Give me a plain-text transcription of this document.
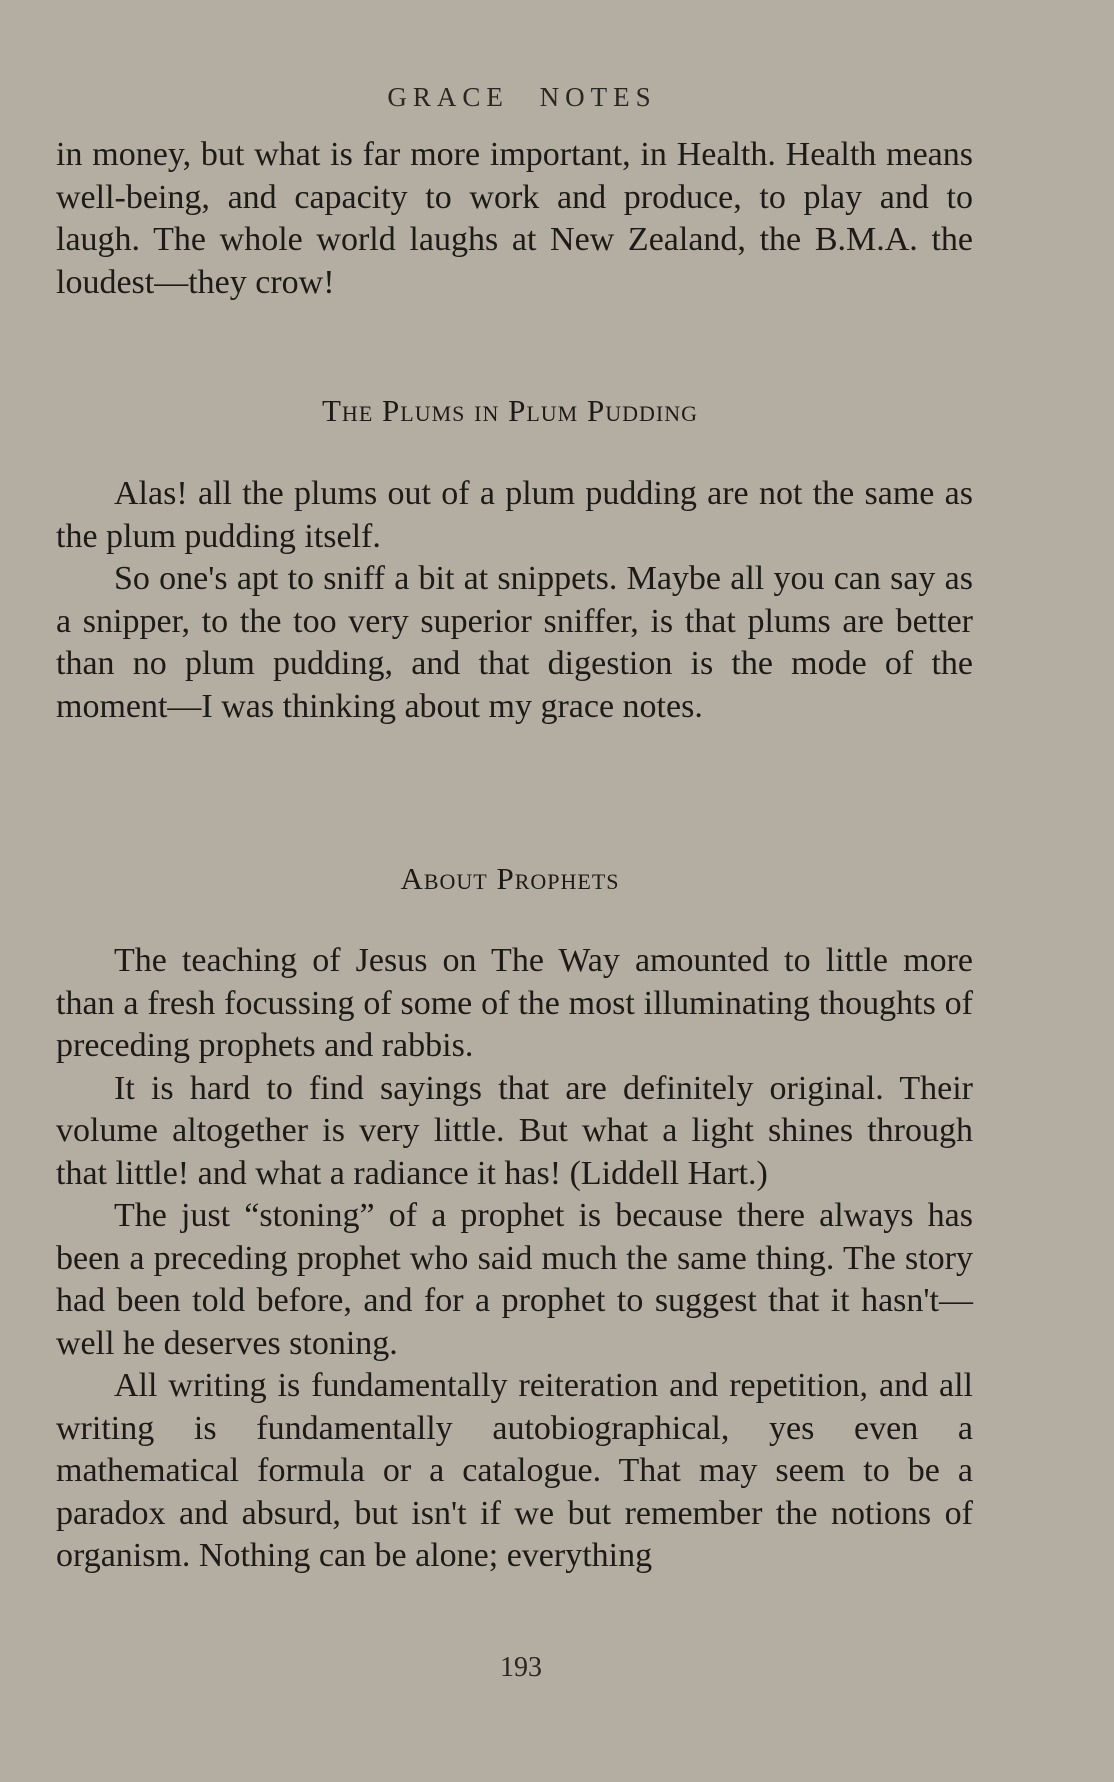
GRACE NOTES

in money, but what is far more important, in Health. Health means well-being, and capacity to work and produce, to play and to laugh. The whole world laughs at New Zealand, the B.M.A. the loudest—they crow!

The Plums in Plum Pudding

Alas! all the plums out of a plum pudding are not the same as the plum pudding itself.

So one's apt to sniff a bit at snippets. Maybe all you can say as a snipper, to the too very superior sniffer, is that plums are better than no plum pudding, and that digestion is the mode of the moment—I was thinking about my grace notes.

About Prophets

The teaching of Jesus on The Way amounted to little more than a fresh focussing of some of the most illuminating thoughts of preceding prophets and rabbis.

It is hard to find sayings that are definitely original. Their volume altogether is very little. But what a light shines through that little! and what a radiance it has! (Liddell Hart.)

The just “stoning” of a prophet is because there always has been a preceding prophet who said much the same thing. The story had been told before, and for a prophet to suggest that it hasn't—well he deserves stoning.

All writing is fundamentally reiteration and repetition, and all writing is fundamentally autobiographical, yes even a mathematical formula or a catalogue. That may seem to be a paradox and absurd, but isn't if we but remember the notions of organism. Nothing can be alone; everything

193
